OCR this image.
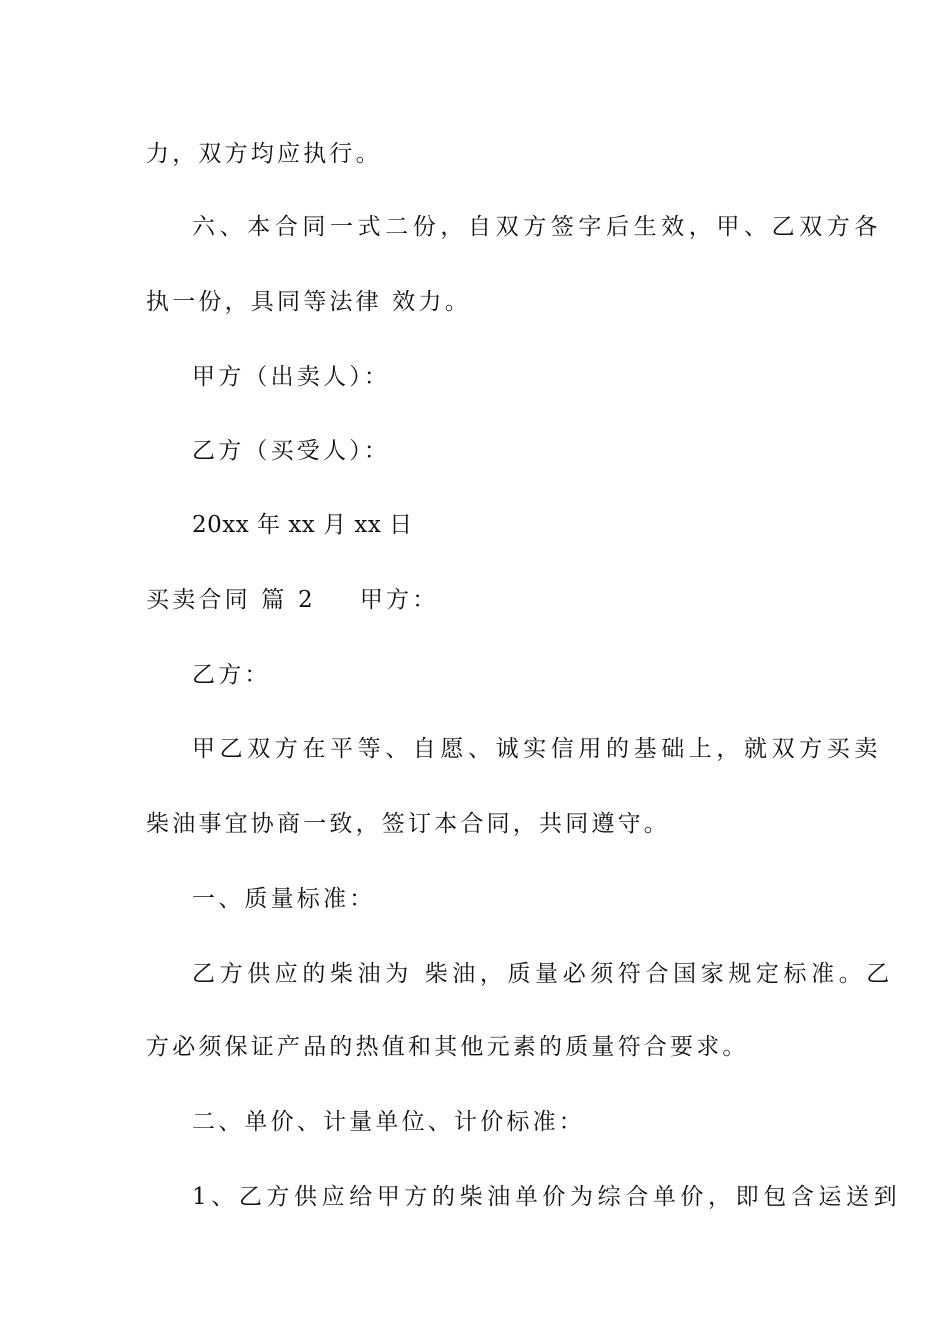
力，双方均应执行。
六、本合同一式二份，自双方签字后生效，甲、乙双方各
执一份，具同等法律 效力。
甲方（出卖人）：
乙方（买受人）：
20xx 年 xx 月 xx 日
买卖合同 篇 2 甲方：
乙方：
甲乙双方在平等、自愿、诚实信用的基础上，就双方买卖
柴油事宜协商一致，签订本合同，共同遵守。
一、质量标准：
乙方供应的柴油为 柴油，质量必须符合国家规定标准。乙
方必须保证产品的热值和其他元素的质量符合要求。
二、单价、计量单位、计价标准：
1、乙方供应给甲方的柴油单价为综合单价，即包含运送到
